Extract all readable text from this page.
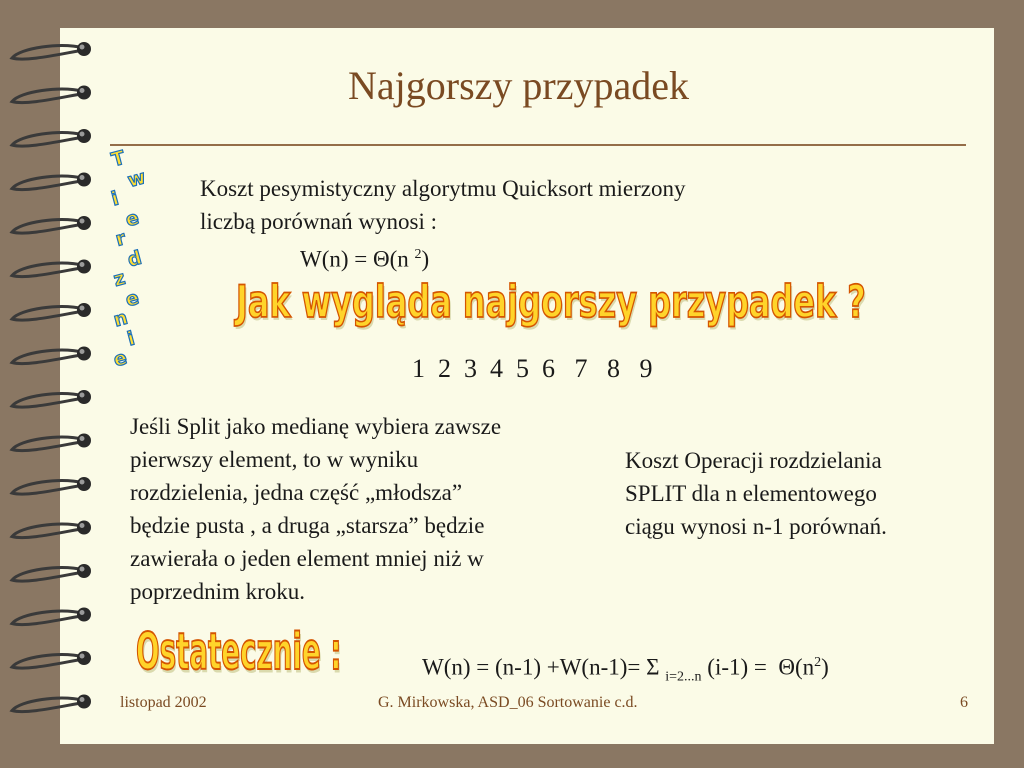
Najgorszy przypadek
T
w
i
e
r
d
z
e
n
i
e
Koszt pesymistyczny algorytmu Quicksort mierzony
liczbą porównań wynosi :
W(n) = Θ(n $^2$)
Jak wygląda najgorszy przypadek ?
1  2  3  4  5  6   7   8   9
Jeśli Split jako medianę wybiera zawsze
pierwszy element, to w wyniku
rozdzielenia, jedna część „młodsza”
będzie pusta , a druga „starsza” będzie
zawierała o jeden element mniej niż w
poprzednim kroku.
Koszt Operacji rozdzielania
SPLIT dla n elementowego
ciągu wynosi n-1 porównań.
Ostatecznie :	W(n) = (n-1) +W(n-1)= Σ $_{i=2...n}$ $(i-1) = \Theta(n^2)$
listopad 2002	G. Mirkowska, ASD_06 Sortowanie c.d.	6
